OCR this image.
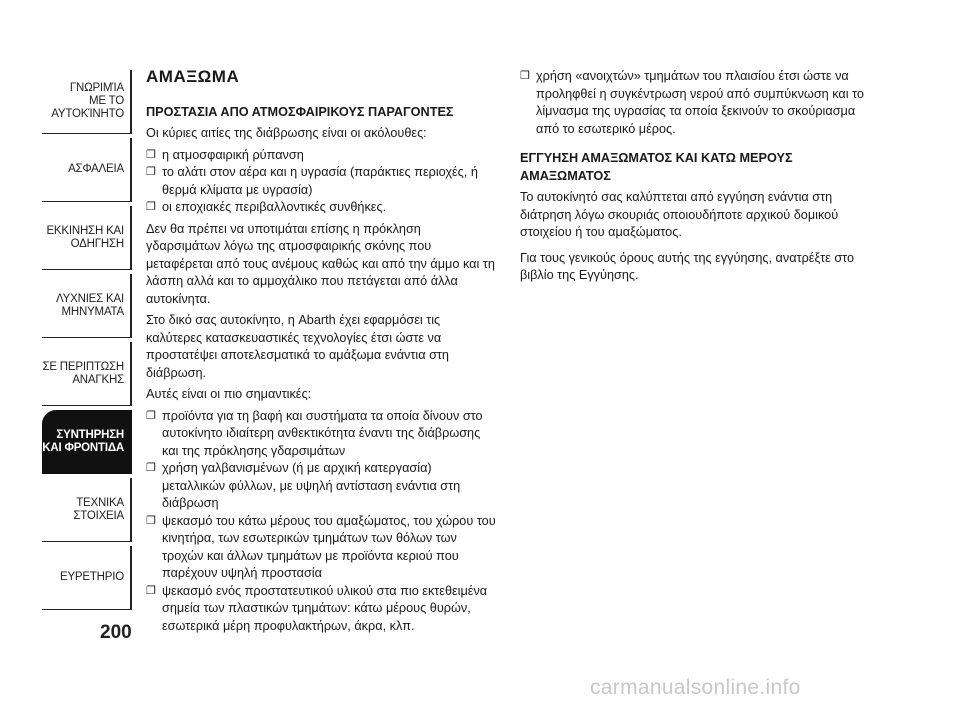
ΓΝΩΡΙΜΊΑ
ΜΕ ΤΟ
ΑΥΤΟΚΊΝΗΤΟ
ΑΣΦΑΛΕΙΑ
ΕΚΚΙΝΗΣΗ ΚΑΙ
ΟΔΗΓΗΣΗ
ΛΥΧΝΙΕΣ ΚΑΙ
ΜΗΝΥΜΑΤΑ
ΣΕ ΠΕΡΙΠΤΩΣΗ
ΑΝΑΓΚΗΣ
ΣΥΝΤΗΡΗΣΗ
ΚΑΙ ΦΡΟΝΤΙΔΑ
ΤΕΧΝΙΚΑ
ΣΤΟΙΧΕΙΑ
ΕΥΡΕΤΗΡΙΟ
200
ΑΜΑΞΩΜΑ
ΠΡΟΣΤΑΣΙΑ ΑΠΟ ΑΤΜΟΣΦΑΙΡΙΚΟΥΣ ΠΑΡΑΓΟΝΤΕΣ

Οι κύριες αιτίες της διάβρωσης είναι οι ακόλουθες:

❐ η ατμοσφαιρική ρύπανση
❐ το αλάτι στον αέρα και η υγρασία (παράκτιες περιοχές, ή θερμά κλίματα με υγρασία)
❐ οι εποχιακές περιβαλλοντικές συνθήκες.

Δεν θα πρέπει να υποτιμάται επίσης η πρόκληση γδαρσιμάτων λόγω της ατμοσφαιρικής σκόνης που μεταφέρεται από τους ανέμους καθώς και από την άμμο και τη λάσπη αλλά και το αμμοχάλικο που πετάγεται από άλλα αυτοκίνητα.

Στο δικό σας αυτοκίνητο, η Abarth έχει εφαρμόσει τις καλύτερες κατασκευαστικές τεχνολογίες έτσι ώστε να προστατέψει αποτελεσματικά το αμάξωμα ενάντια στη διάβρωση.

Αυτές είναι οι πιο σημαντικές:

❐ προϊόντα για τη βαφή και συστήματα τα οποία δίνουν στο αυτοκίνητο ιδιαίτερη ανθεκτικότητα έναντι της διάβρωσης και της πρόκλησης γδαρσιμάτων
❐ χρήση γαλβανισμένων (ή με αρχική κατεργασία) μεταλλικών φύλλων, με υψηλή αντίσταση ενάντια στη διάβρωση
❐ ψεκασμό του κάτω μέρους του αμαξώματος, του χώρου του κινητήρα, των εσωτερικών τμημάτων των θόλων των τροχών και άλλων τμημάτων με προϊόντα κεριού που παρέχουν υψηλή προστασία
❐ ψεκασμό ενός προστατευτικού υλικού στα πιο εκτεθειμένα σημεία των πλαστικών τμημάτων: κάτω μέρους θυρών, εσωτερικά μέρη προφυλακτήρων, άκρα, κλπ.
❐ χρήση «ανοιχτών» τμημάτων του πλαισίου έτσι ώστε να προληφθεί η συγκέντρωση νερού από συμπύκνωση και το λίμνασμα της υγρασίας τα οποία ξεκινούν το σκούριασμα από το εσωτερικό μέρος.
ΕΓΓΥΗΣΗ ΑΜΑΞΩΜΑΤΟΣ ΚΑΙ ΚΑΤΩ ΜΕΡΟΥΣ ΑΜΑΞΩΜΑΤΟΣ

Το αυτοκίνητό σας καλύπτεται από εγγύηση ενάντια στη διάτρηση λόγω σκουριάς οποιουδήποτε αρχικού δομικού στοιχείου ή του αμαξώματος.

Για τους γενικούς όρους αυτής της εγγύησης, ανατρέξτε στο βιβλίο της Εγγύησης.

carmanualsonline.info
